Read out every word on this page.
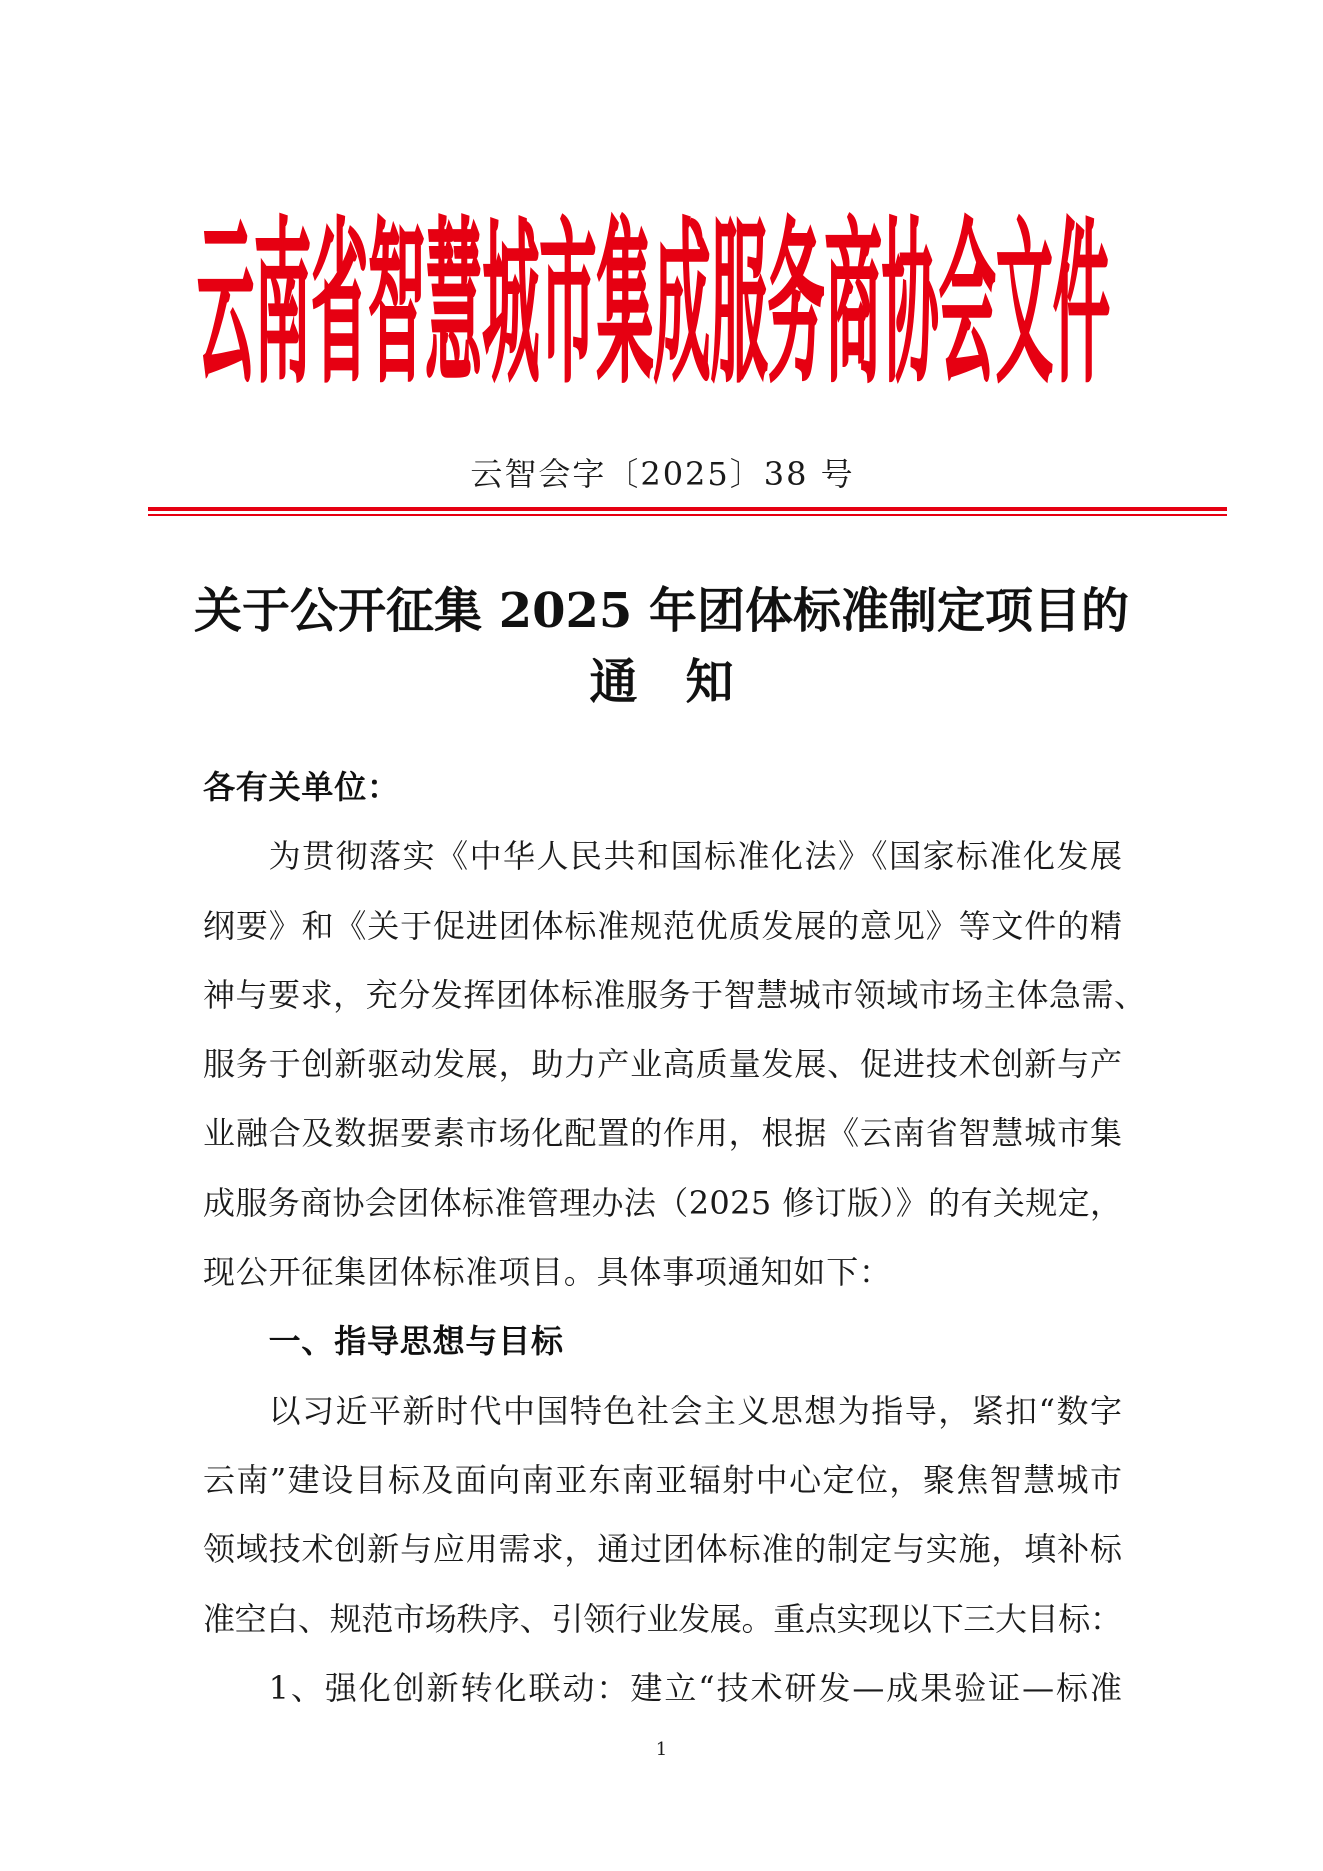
云南省智慧城市集成服务商协会文件
云智会字〔2025〕38 号
关于公开征集 2025 年团体标准制定项目的
通　知
各有关单位：
为贯彻落实《中华人民共和国标准化法》《国家标准化发展
纲要》和《关于促进团体标准规范优质发展的意见》等文件的精
神与要求，充分发挥团体标准服务于智慧城市领域市场主体急需、
服务于创新驱动发展，助力产业高质量发展、促进技术创新与产
业融合及数据要素市场化配置的作用，根据《云南省智慧城市集
成服务商协会团体标准管理办法（2025 修订版）》的有关规定，
现公开征集团体标准项目。具体事项通知如下：
一、指导思想与目标
以习近平新时代中国特色社会主义思想为指导，紧扣“数字
云南”建设目标及面向南亚东南亚辐射中心定位，聚焦智慧城市
领域技术创新与应用需求，通过团体标准的制定与实施，填补标
准空白、规范市场秩序、引领行业发展。重点实现以下三大目标：
1、强化创新转化联动：建立“技术研发—成果验证—标准
1
